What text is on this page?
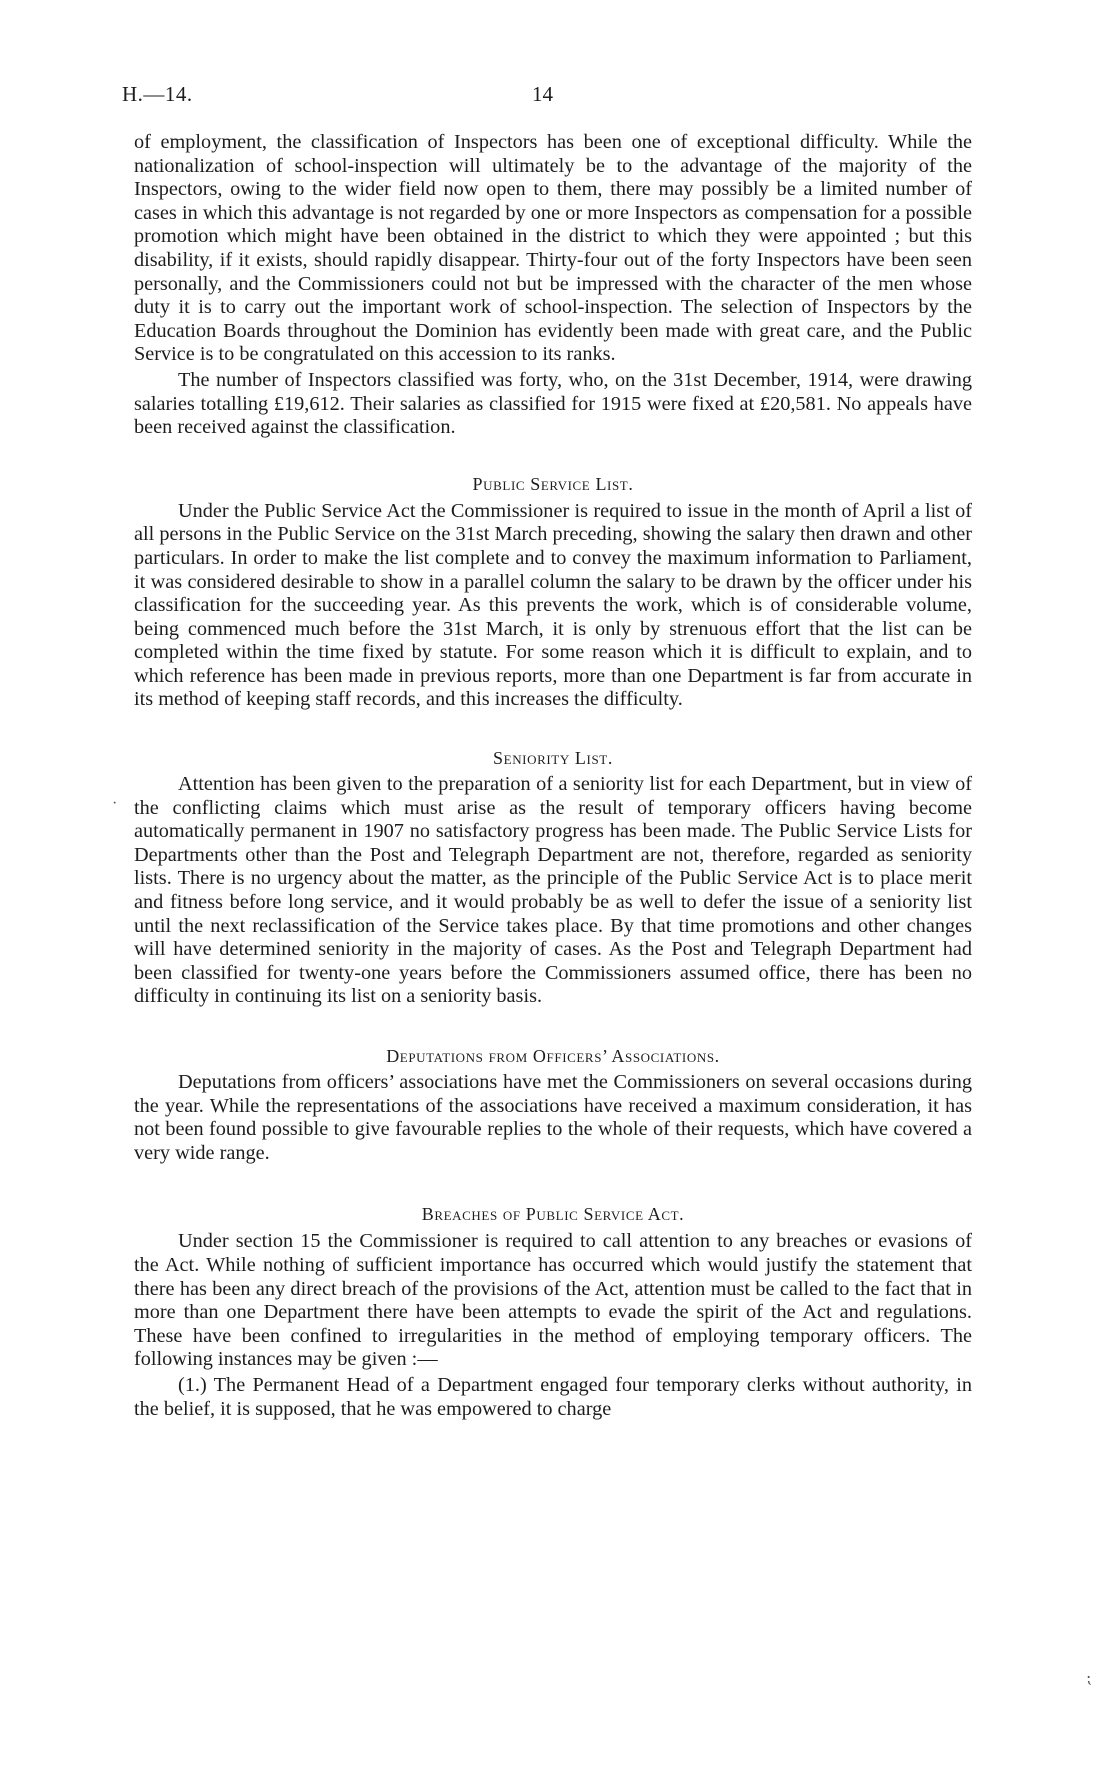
H.—14.	14

of employment, the classification of Inspectors has been one of exceptional difficulty. While the nationalization of school-inspection will ultimately be to the advantage of the majority of the Inspectors, owing to the wider field now open to them, there may possibly be a limited number of cases in which this advantage is not regarded by one or more Inspectors as compensation for a possible promotion which might have been obtained in the district to which they were appointed ; but this disability, if it exists, should rapidly disappear. Thirty-four out of the forty Inspectors have been seen personally, and the Commissioners could not but be impressed with the character of the men whose duty it is to carry out the important work of school-inspection. The selection of Inspectors by the Education Boards throughout the Dominion has evidently been made with great care, and the Public Service is to be congratulated on this accession to its ranks.

The number of Inspectors classified was forty, who, on the 31st December, 1914, were drawing salaries totalling £19,612. Their salaries as classified for 1915 were fixed at £20,581. No appeals have been received against the classification.

Public Service List.

Under the Public Service Act the Commissioner is required to issue in the month of April a list of all persons in the Public Service on the 31st March preceding, showing the salary then drawn and other particulars. In order to make the list complete and to convey the maximum information to Parliament, it was considered desirable to show in a parallel column the salary to be drawn by the officer under his classification for the succeeding year. As this prevents the work, which is of considerable volume, being commenced much before the 31st March, it is only by strenuous effort that the list can be completed within the time fixed by statute. For some reason which it is difficult to explain, and to which reference has been made in previous reports, more than one Department is far from accurate in its method of keeping staff records, and this increases the difficulty.

Seniority List.

Attention has been given to the preparation of a seniority list for each Department, but in view of the conflicting claims which must arise as the result of temporary officers having become automatically permanent in 1907 no satisfactory progress has been made. The Public Service Lists for Departments other than the Post and Telegraph Department are not, therefore, regarded as seniority lists. There is no urgency about the matter, as the principle of the Public Service Act is to place merit and fitness before long service, and it would probably be as well to defer the issue of a seniority list until the next reclassification of the Service takes place. By that time promotions and other changes will have determined seniority in the majority of cases. As the Post and Telegraph Department had been classified for twenty-one years before the Commissioners assumed office, there has been no difficulty in continuing its list on a seniority basis.

Deputations from Officers’ Associations.

Deputations from officers’ associations have met the Commissioners on several occasions during the year. While the representations of the associations have received a maximum consideration, it has not been found possible to give favourable replies to the whole of their requests, which have covered a very wide range.

Breaches of Public Service Act.

Under section 15 the Commissioner is required to call attention to any breaches or evasions of the Act. While nothing of sufficient importance has occurred which would justify the statement that there has been any direct breach of the provisions of the Act, attention must be called to the fact that in more than one Department there have been attempts to evade the spirit of the Act and regulations. These have been confined to irregularities in the method of employing temporary officers. The following instances may be given :—

(1.) The Permanent Head of a Department engaged four temporary clerks without authority, in the belief, it is supposed, that he was empowered to charge

·
⁏
